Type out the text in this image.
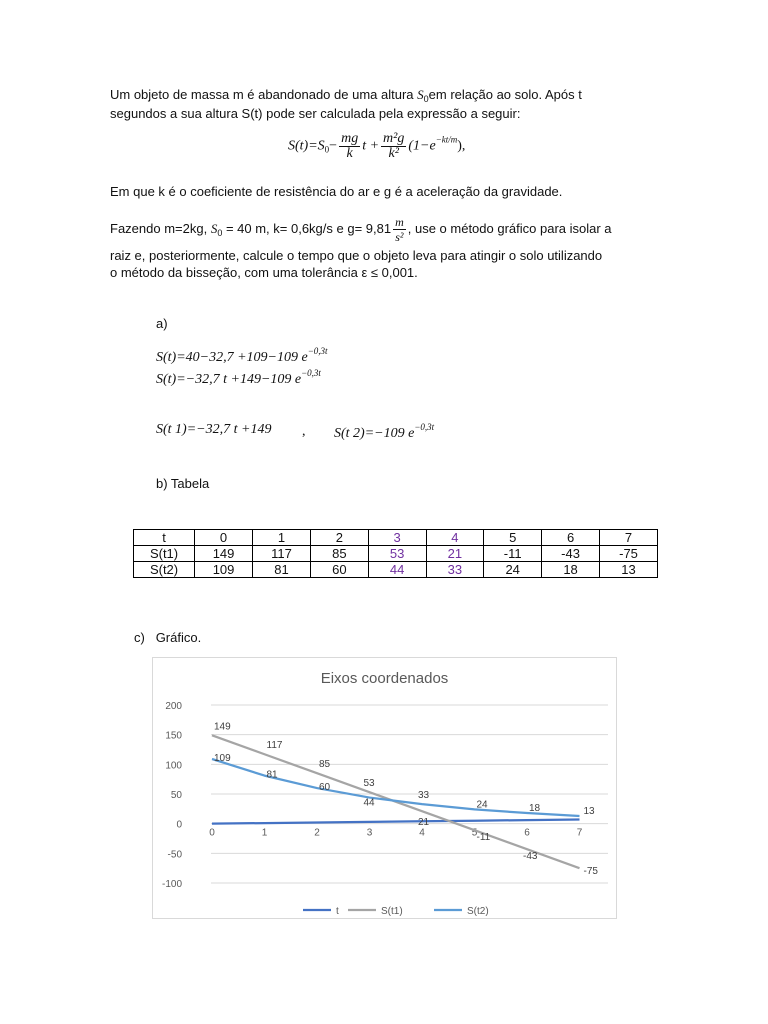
Um objeto de massa m é abandonado de uma altura $S_0em$ relação ao solo. Após t
segundos a sua altura S(t) pode ser calculada pela expressão a seguir:
$S(t)=S_0- \frac{mg}{k}$ $t + \frac{\text{m²g}}{\text{k²}} (1-e^{-kt/m})$,
Em que k é o coeficiente de resistência do ar e g é a aceleração da gravidade.
Fazendo m=2kg, $S_0 = 40$ m, k= 0,6kg/s e $g= 9,81 \frac{m}{\text{s²}}$ , use o método gráfico para isolar a
raiz e, posteriormente, calcule o tempo que o objeto leva para atingir o solo utilizando
o método da bisseção, com uma tolerância ε ≤ 0,001.
a)
S(t)=40−32,7 +109−109 $e^{-0,3t}$
S(t)=−32,7 t +149−109 $e^{-0,3t}$
S(t 1)=−32,7 t +149 , S(t 2)=−109 $e^{-0,3t}$
b) Tabela
t	0	1	2	3	4	5	6	7
S(t1)	149	117	85	53	21	-11	-43	-75
S(t2)	109	81	60	44	33	24	18	13
c) Gráfico.
Eixos coordenados
200
150
100
50
0
-50
-100
0	1	2	3	4	5	6	7
149
117
85
53
21
-11
-43
-75
109
81
60
44
33
24	18	13
t	S(t1)	S(t2)
